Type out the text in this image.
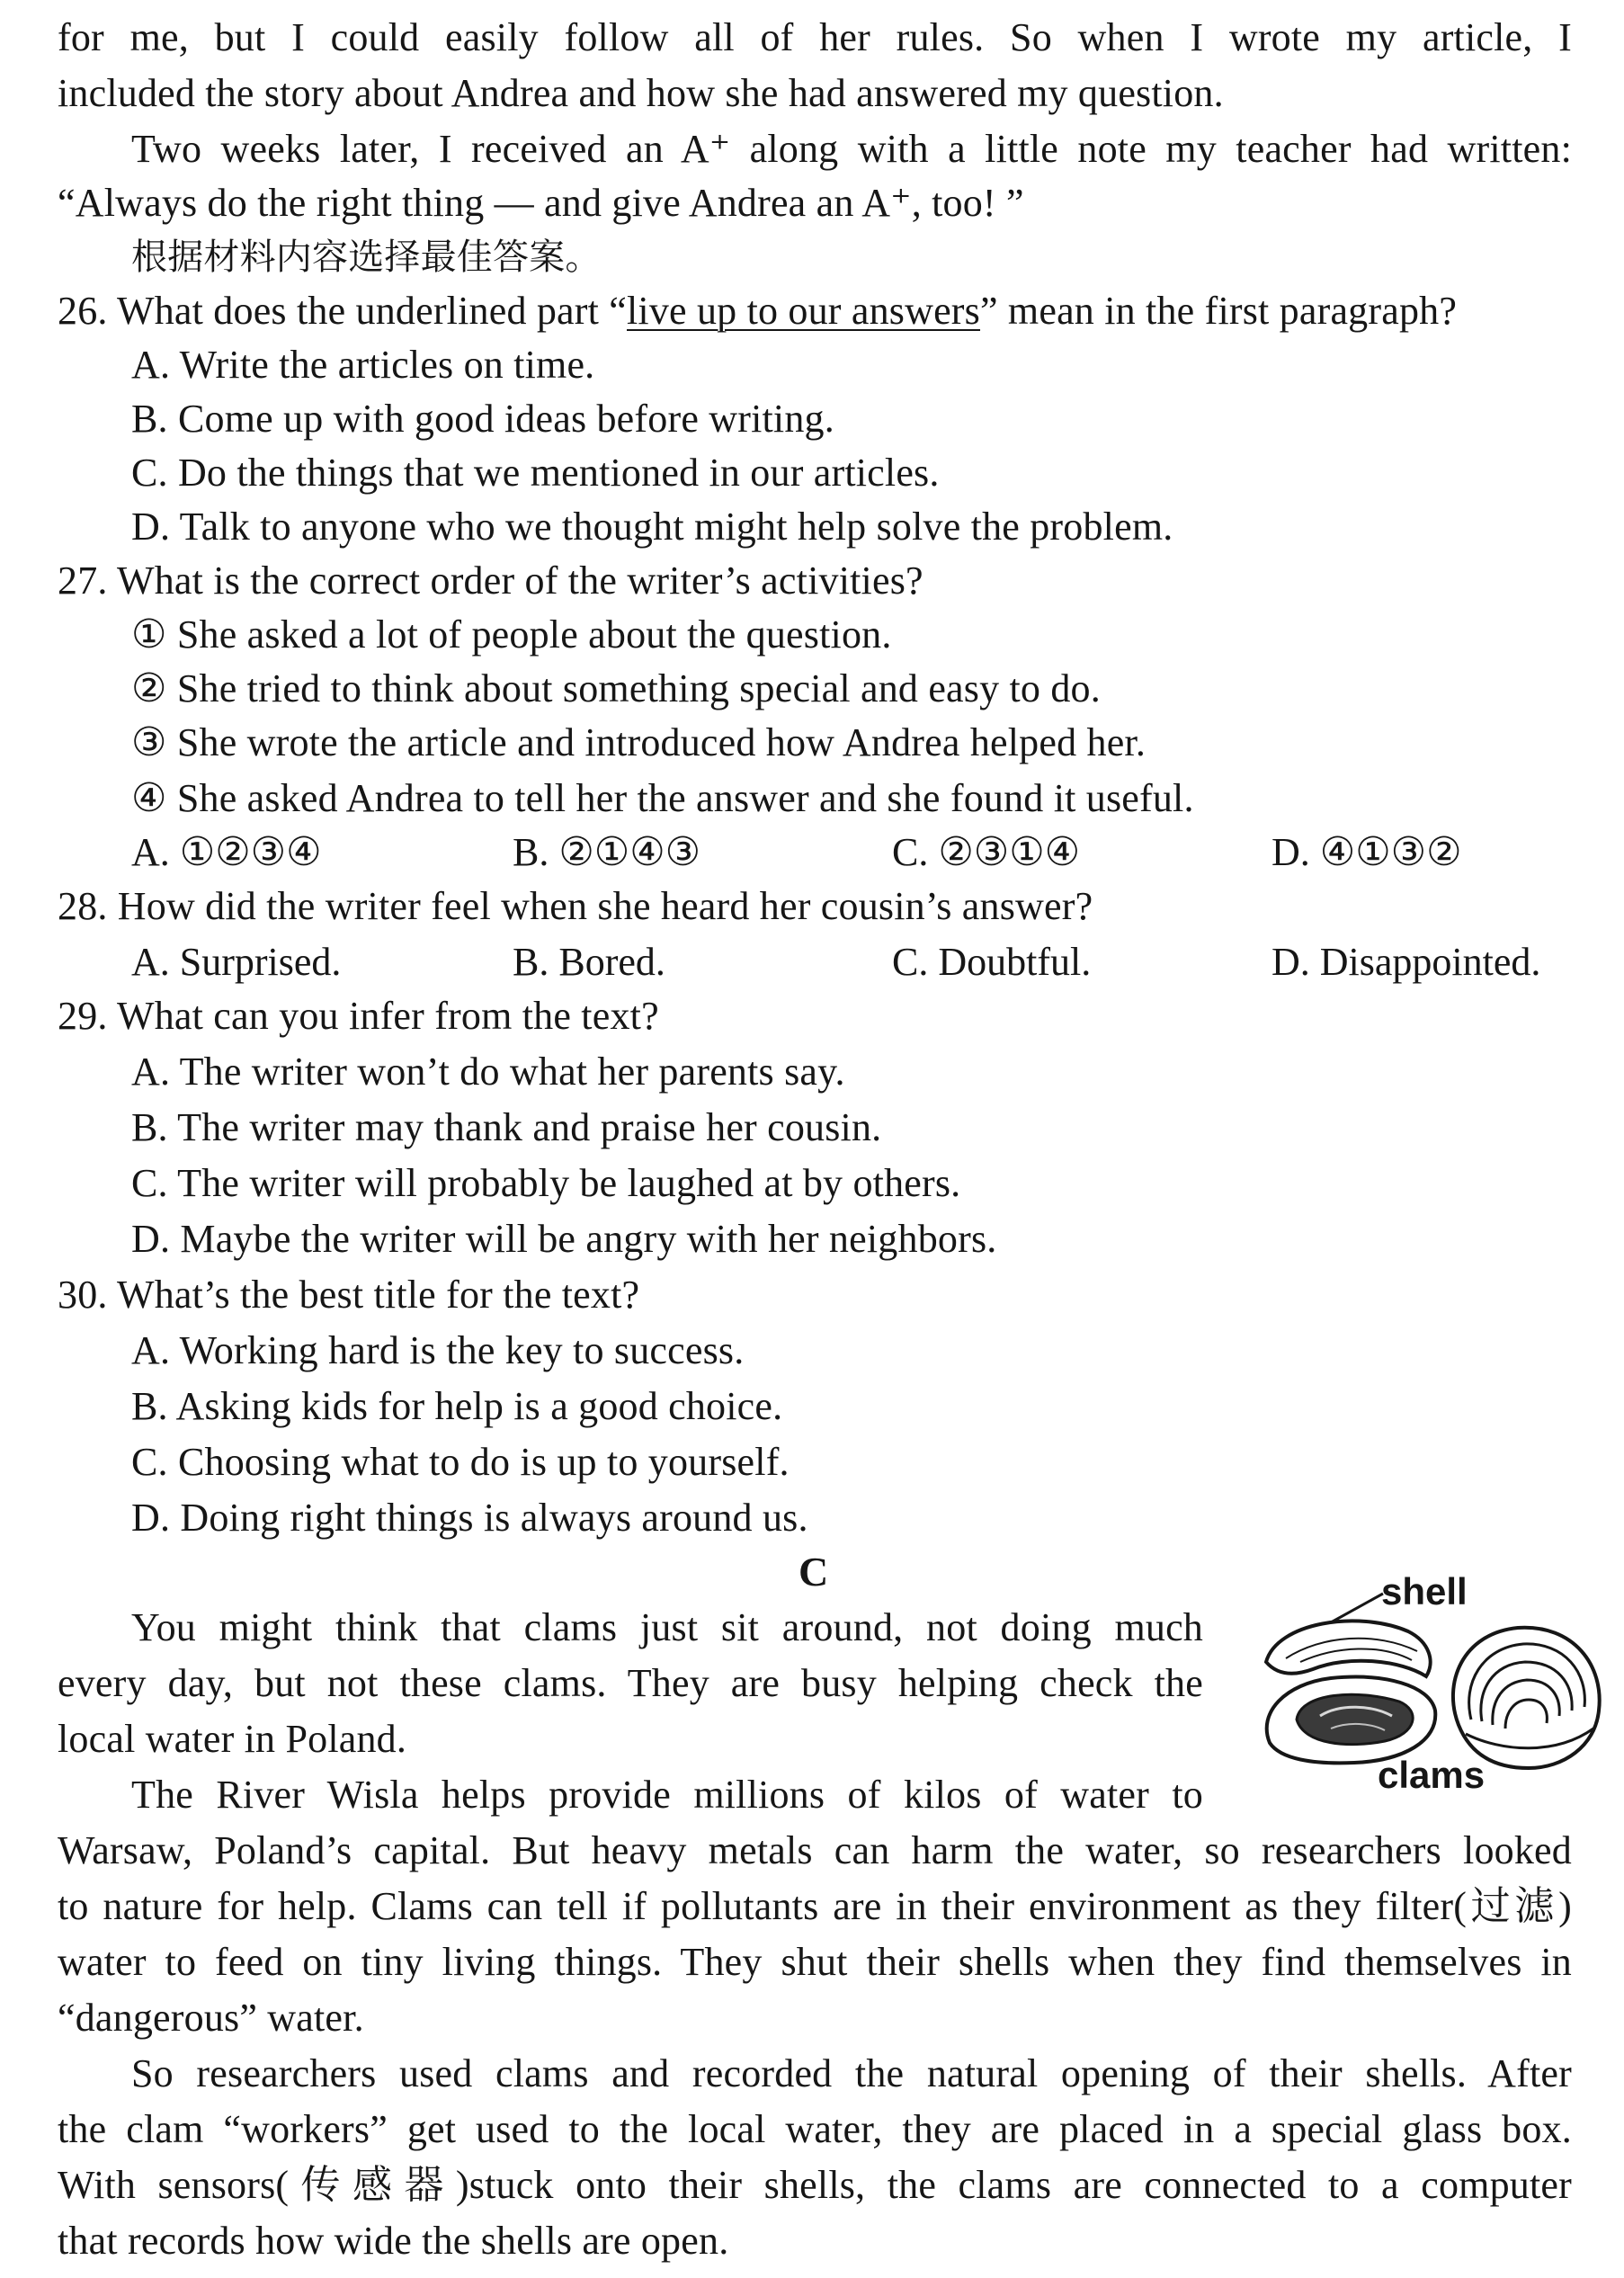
for me, but I could easily follow all of her rules. So when I wrote my article, I
included the story about Andrea and how she had answered my question.
Two weeks later, I received an A⁺ along with a little note my teacher had written:
“Always do the right thing — and give Andrea an A⁺, too! ”
根据材料内容选择最佳答案。
26. What does the underlined part “live up to our answers” mean in the first paragraph?
A. Write the articles on time.
B. Come up with good ideas before writing.
C. Do the things that we mentioned in our articles.
D. Talk to anyone who we thought might help solve the problem.
27. What is the correct order of the writer’s activities?
① She asked a lot of people about the question.
② She tried to think about something special and easy to do.
③ She wrote the article and introduced how Andrea helped her.
④ She asked Andrea to tell her the answer and she found it useful.
A. ①②③④	B. ②①④③	C. ②③①④	D. ④①③②
28. How did the writer feel when she heard her cousin’s answer?
A. Surprised.	B. Bored.	C. Doubtful.	D. Disappointed.
29. What can you infer from the text?
A. The writer won’t do what her parents say.
B. The writer may thank and praise her cousin.
C. The writer will probably be laughed at by others.
D. Maybe the writer will be angry with her neighbors.
30. What’s the best title for the text?
A. Working hard is the key to success.
B. Asking kids for help is a good choice.
C. Choosing what to do is up to yourself.
D. Doing right things is always around us.
C	shell
clams
You might think that clams just sit around, not doing much
every day, but not these clams. They are busy helping check the
local water in Poland.
The River Wisla helps provide millions of kilos of water to
Warsaw, Poland’s capital. But heavy metals can harm the water, so researchers looked
to nature for help. Clams can tell if pollutants are in their environment as they filter(过滤)
water to feed on tiny living things. They shut their shells when they find themselves in
“dangerous” water.
So researchers used clams and recorded the natural opening of their shells. After
the clam “workers” get used to the local water, they are placed in a special glass box.
With sensors(传感器)stuck onto their shells, the clams are connected to a computer
that records how wide the shells are open.
